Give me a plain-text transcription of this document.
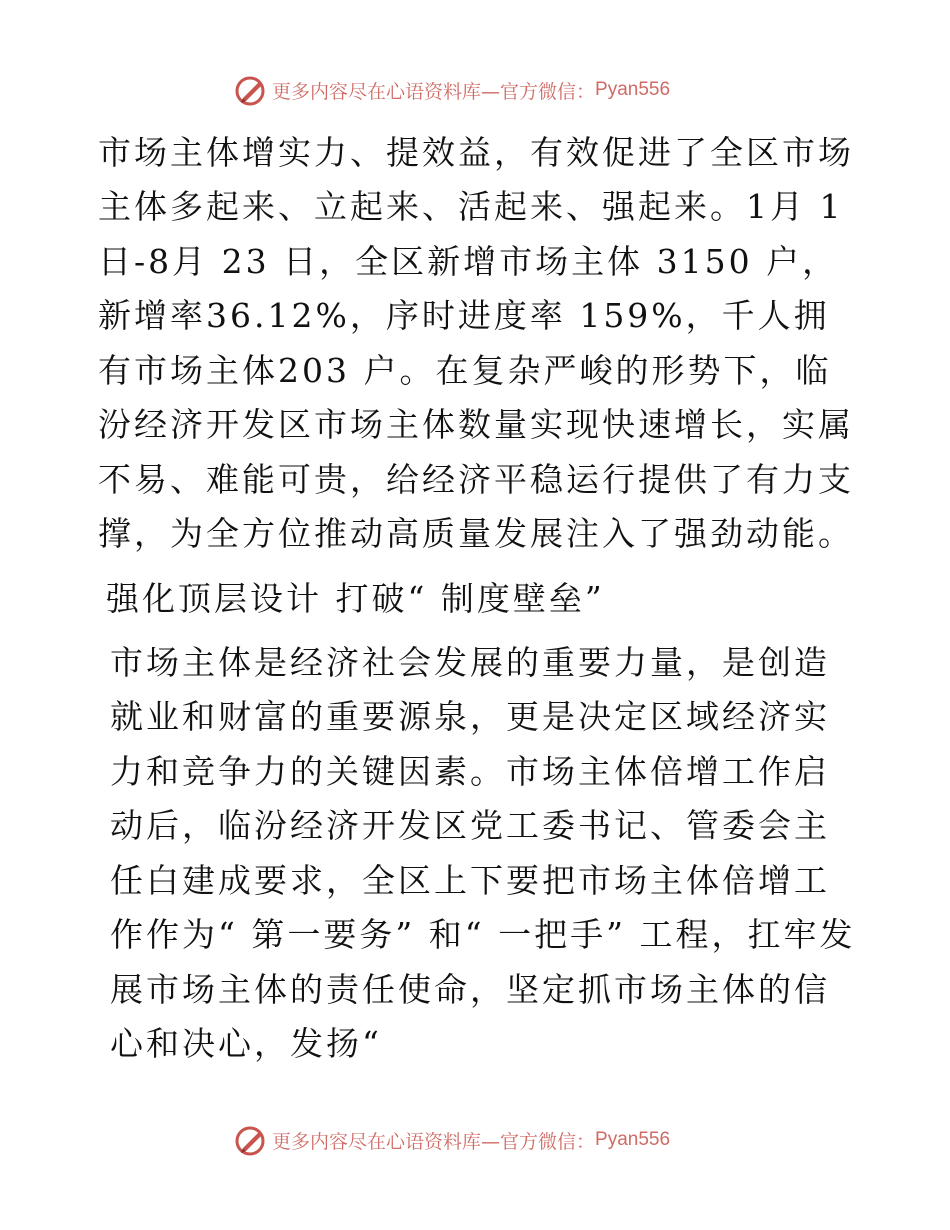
更多内容尽在心语资料库—官方微信： Pyan556

市场主体增实力、提效益，有效促进了全区市场主体多起来、立起来、活起来、强起来。1月 1 日-8月 23 日，全区新增市场主体 3150 户，新增率36.12%，序时进度率 159%，千人拥有市场主体203 户。在复杂严峻的形势下，临汾经济开发区市场主体数量实现快速增长，实属不易、难能可贵，给经济平稳运行提供了有力支撑，为全方位推动高质量发展注入了强劲动能。

强化顶层设计 打破“ 制度壁垒”

市场主体是经济社会发展的重要力量，是创造就业和财富的重要源泉，更是决定区域经济实力和竞争力的关键因素。市场主体倍增工作启动后，临汾经济开发区党工委书记、管委会主任白建成要求，全区上下要把市场主体倍增工作作为“ 第一要务” 和“ 一把手” 工程，扛牢发展市场主体的责任使命，坚定抓市场主体的信心和决心，发扬“

更多内容尽在心语资料库—官方微信： Pyan556
